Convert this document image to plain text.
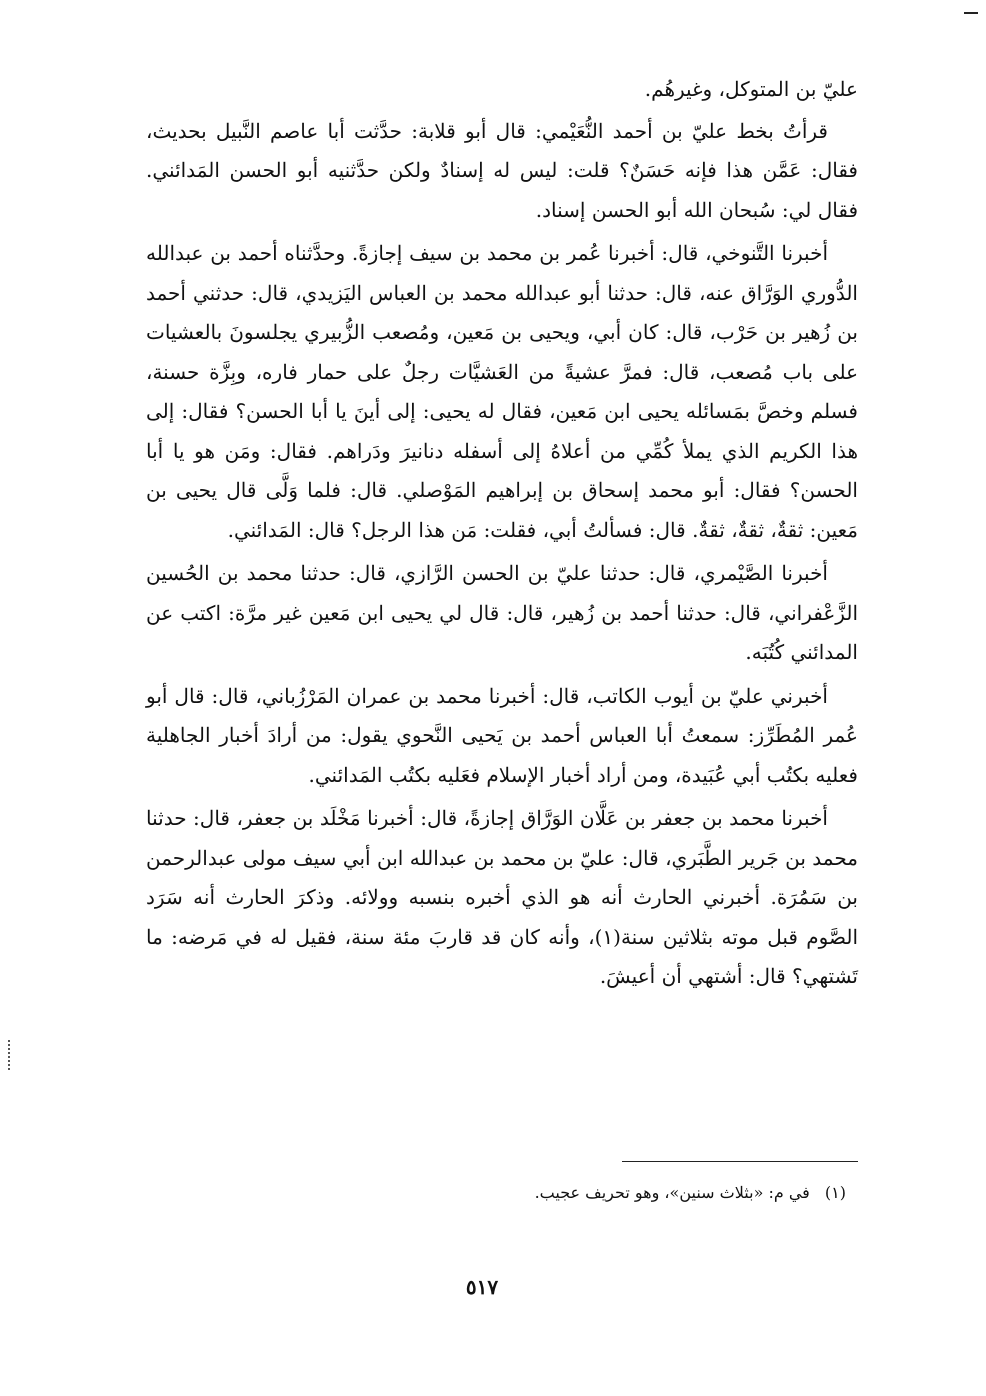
عليّ بن المتوكل، وغيرهُم.

قرأتُ بخط عليّ بن أحمد النُّعَيْمي: قال أبو قلابة: حدَّثت أبا عاصم النَّبيل بحديث، فقال: عَمَّن هذا فإنه حَسَنٌ؟ قلت: ليس له إسنادٌ ولكن حدَّثنيه أبو الحسن المَدائني. فقال لي: سُبحان الله أبو الحسن إسناد.

أخبرنا التَّنوخي، قال: أخبرنا عُمر بن محمد بن سيف إجازةً. وحدَّثناه أحمد بن عبدالله الدُّوري الوَرَّاق عنه، قال: حدثنا أبو عبدالله محمد بن العباس اليَزيدي، قال: حدثني أحمد بن زُهير بن حَرْب، قال: كان أبي، ويحيى بن مَعين، ومُصعب الزُّبيري يجلسونَ بالعشيات على باب مُصعب، قال: فمرَّ عشيةً من العَشيَّات رجلٌ على حمار فاره، وبِزَّة حسنة، فسلم وخصَّ بمَسائله يحيى ابن مَعين، فقال له يحيى: إلى أينَ يا أبا الحسن؟ فقال: إلى هذا الكريم الذي يملأ كُمِّي من أعلاهُ إلى أسفله دنانيرَ ودَراهم. فقال: ومَن هو يا أبا الحسن؟ فقال: أبو محمد إسحاق بن إبراهيم المَوْصلي. قال: فلما وَلَّى قال يحيى بن مَعين: ثقةٌ، ثقةٌ، ثقةٌ. قال: فسألتُ أبي، فقلت: مَن هذا الرجل؟ قال: المَدائني.

أخبرنا الصَّيْمري، قال: حدثنا عليّ بن الحسن الرَّازي، قال: حدثنا محمد بن الحُسين الزَّعْفراني، قال: حدثنا أحمد بن زُهير، قال: قال لي يحيى ابن مَعين غير مرَّة: اكتب عن المدائني كُتُبَه.

أخبرني عليّ بن أيوب الكاتب، قال: أخبرنا محمد بن عمران المَرْزُباني، قال: قال أبو عُمر المُطَرِّز: سمعتُ أبا العباس أحمد بن يَحيى النَّحوي يقول: من أرادَ أخبار الجاهلية فعليه بكتُب أبي عُبَيدة، ومن أراد أخبار الإسلام فعَليه بكتُب المَدائني.

أخبرنا محمد بن جعفر بن عَلَّان الوَرَّاق إجازةً، قال: أخبرنا مَخْلَد بن جعفر، قال: حدثنا محمد بن جَرير الطَّبَري، قال: عليّ بن محمد بن عبدالله ابن أبي سيف مولى عبدالرحمن بن سَمُرَة. أخبرني الحارث أنه هو الذي أخبره بنسبه وولائه. وذكرَ الحارث أنه سَرَد الصَّوم قبل موته بثلاثين سنة(١)، وأنه كان قد قاربَ مئة سنة، فقيل له في مَرضه: ما تَشتهي؟ قال: أشتهي أن أعيشَ.

(١) في م: «بثلاث سنين»، وهو تحريف عجيب.
٥١٧
